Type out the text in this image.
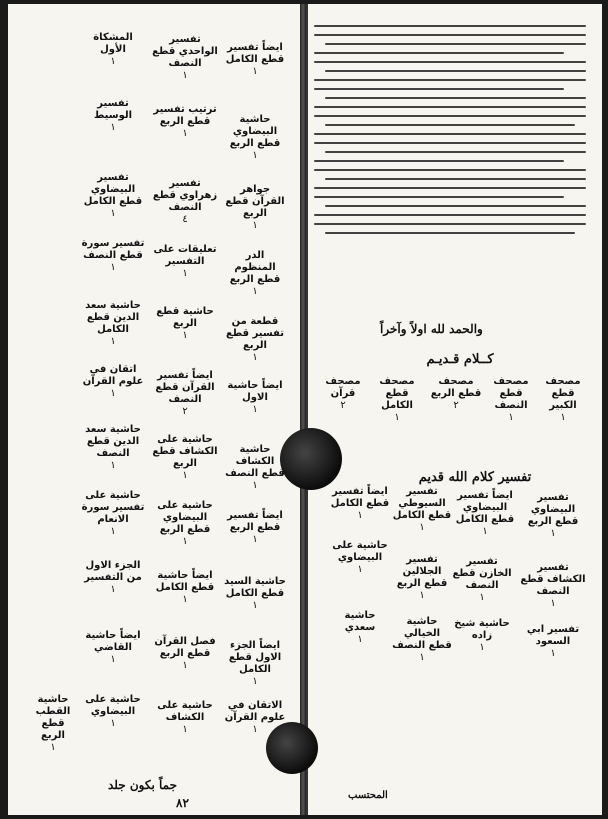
والحمد لله اولاً وآخراً
كــلام قـديـم
تفسير كلام الله قديم
مصحف قطع الكبير
١
مصحف قطع النصف
١
مصحف قطع الربع
٢
مصحف قطع الكامل
١
مصحف قرآن
٢
تفسير البيضاوي قطع الربع
١
ايضاً تفسير البيضاوي قطع الكامل
١
تفسير السيوطي قطع الكامل
١
ايضاً تفسير قطع الكامل
١
تفسير الكشاف قطع النصف
١
تفسير الخازن قطع النصف
١
تفسير الجلالين قطع الربع
١
حاشية على البيضاوي
١
تفسير ابي السعود
١
حاشية شيخ زاده
١
حاشية الخيالي قطع النصف
١
حاشية سعدي
١
ايضاً تفسير قطع الكامل
١
تفسير الواحدي قطع النصف
١
المشكاة الأول
١
حاشية البيضاوي قطع الربع
١
ترتيب تفسير قطع الربع
١
تفسير الوسيط
١
جواهر القرآن قطع الربع
١
تفسير زهراوي قطع النصف
٤
تفسير البيضاوي قطع الكامل
١
الدر المنظوم قطع الربع
١
تعليقات على التفسير
١
تفسير سورة قطع النصف
١
قطعة من تفسير قطع الربع
١
حاشية قطع الربع
١
حاشية سعد الدين قطع الكامل
١
ايضاً حاشية الاول
١
ايضاً تفسير القرآن قطع النصف
٢
اتقان في علوم القرآن
١
حاشية الكشاف قطع النصف
١
حاشية على الكشاف قطع الربع
١
حاشية سعد الدين قطع النصف
١
ايضاً تفسير قطع الربع
١
حاشية على البيضاوي قطع الربع
١
حاشية على تفسير سورة الانعام
١
حاشية السيد قطع الكامل
١
ايضاً حاشية قطع الكامل
١
الجزء الاول من التفسير
١
ايضاً الجزء الاول قطع الكامل
١
فصل القرآن قطع الربع
١
ايضاً حاشية القاضي
١
الاتقان في علوم القرآن
١
حاشية على الكشاف
١
حاشية على البيضاوي
١
حاشية القطب قطع الربع
١
جماً بكون جلد
٨٢
المحتسب
